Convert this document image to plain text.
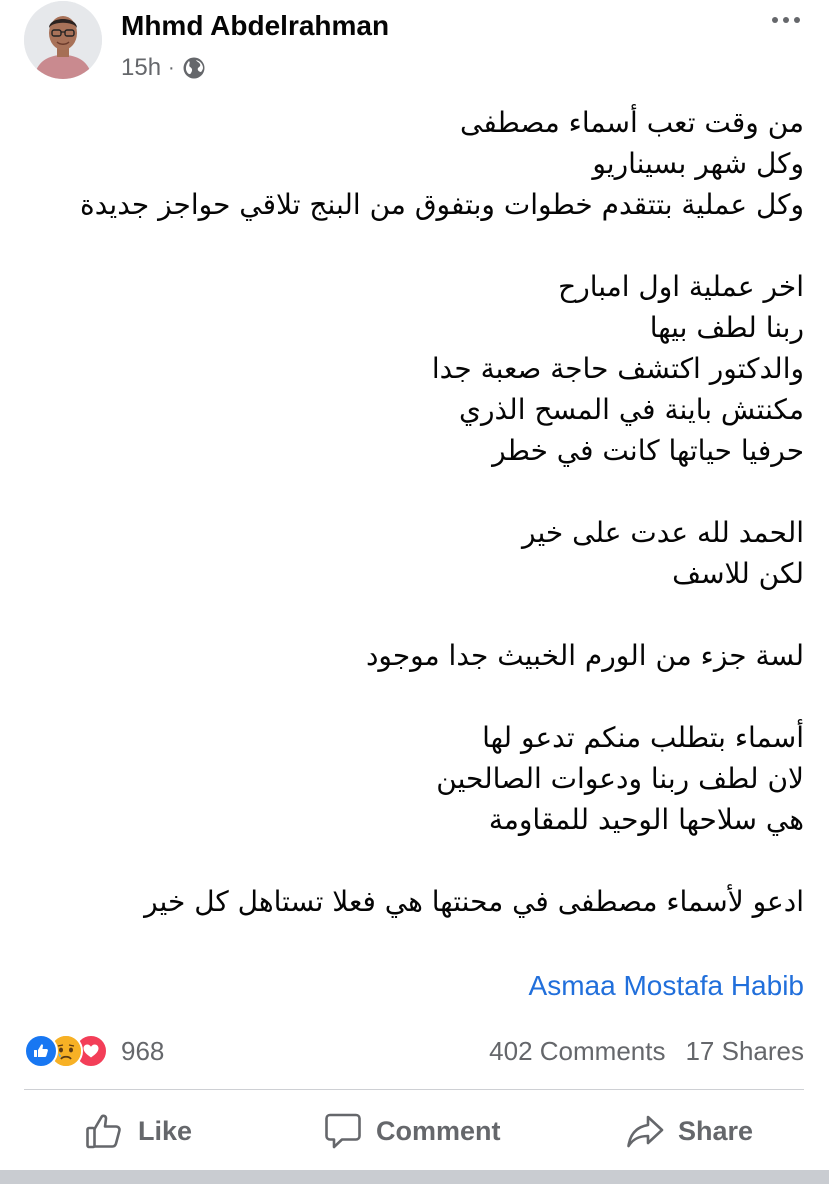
Mhmd Abdelrahman
15h ·
من وقت تعب أسماء مصطفى
وكل شهر بسيناريو
وكل عملية بتتقدم خطوات وبتفوق من البنج تلاقي حواجز جديدة
اخر عملية اول امبارح
ربنا لطف بيها
والدكتور اكتشف حاجة صعبة جدا
مكنتش باينة في المسح الذري
حرفيا حياتها كانت في خطر
الحمد لله عدت على خير
لكن للاسف
لسة جزء من الورم الخبيث جدا موجود
أسماء بتطلب منكم تدعو لها
لان لطف ربنا ودعوات الصالحين
هي سلاحها الوحيد للمقاومة
ادعو لأسماء مصطفى في محنتها هي فعلا تستاهل كل خير
Asmaa Mostafa Habib
968	402 Comments 17 Shares
Like	Comment	Share
